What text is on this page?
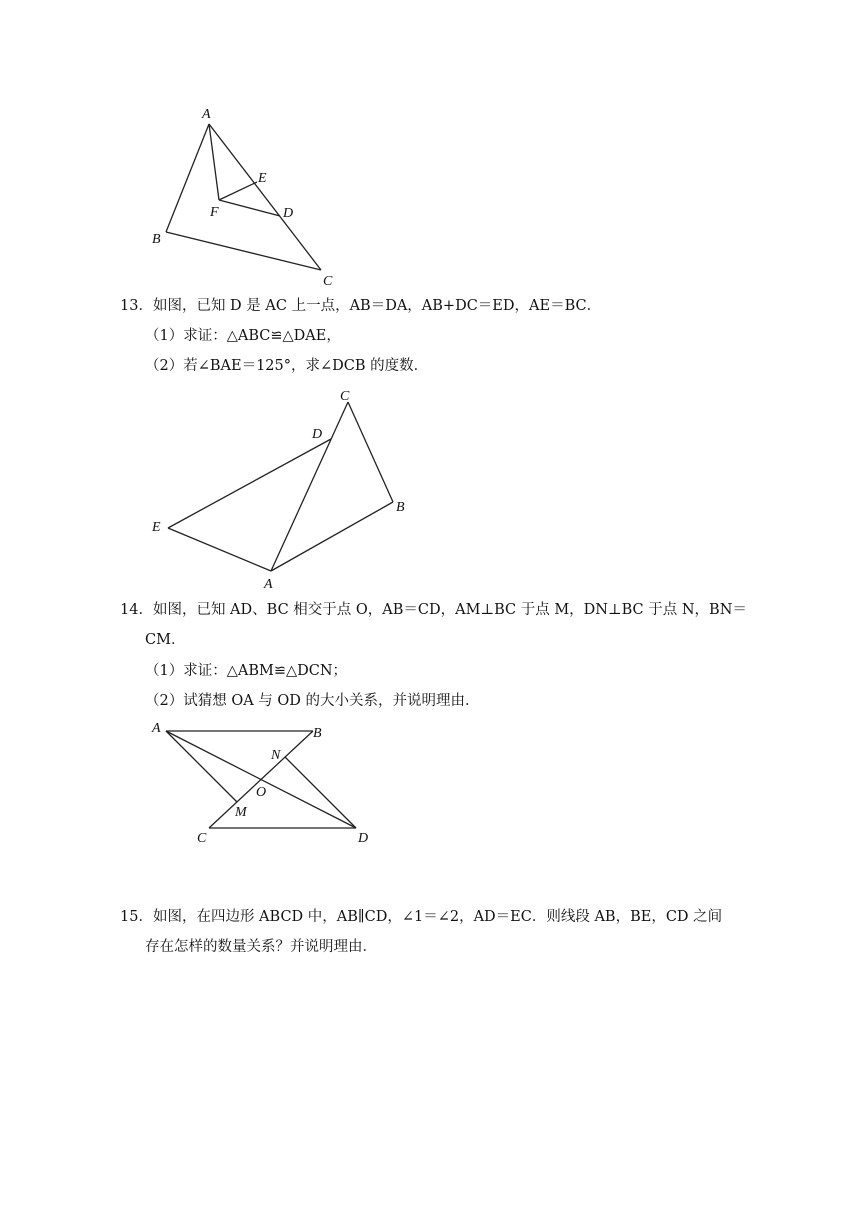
A
B
C
D
E
F
13．如图，已知 D 是 AC 上一点，AB＝DA，AB+DC＝ED，AE＝BC．
（1）求证：△ABC≌△DAE，
（2）若∠BAE＝125°，求∠DCB 的度数．
C
D
B
E
A
14．如图，已知 AD、BC 相交于点 O，AB＝CD，AM⊥BC 于点 M，DN⊥BC 于点 N，BN＝
CM．
（1）求证：△ABM≌△DCN；
（2）试猜想 OA 与 OD 的大小关系，并说明理由．
A	B
C	D
M
N
O
15．如图，在四边形 ABCD 中，AB∥CD，∠1＝∠2，AD＝EC．则线段 AB，BE，CD 之间
存在怎样的数量关系？并说明理由．
